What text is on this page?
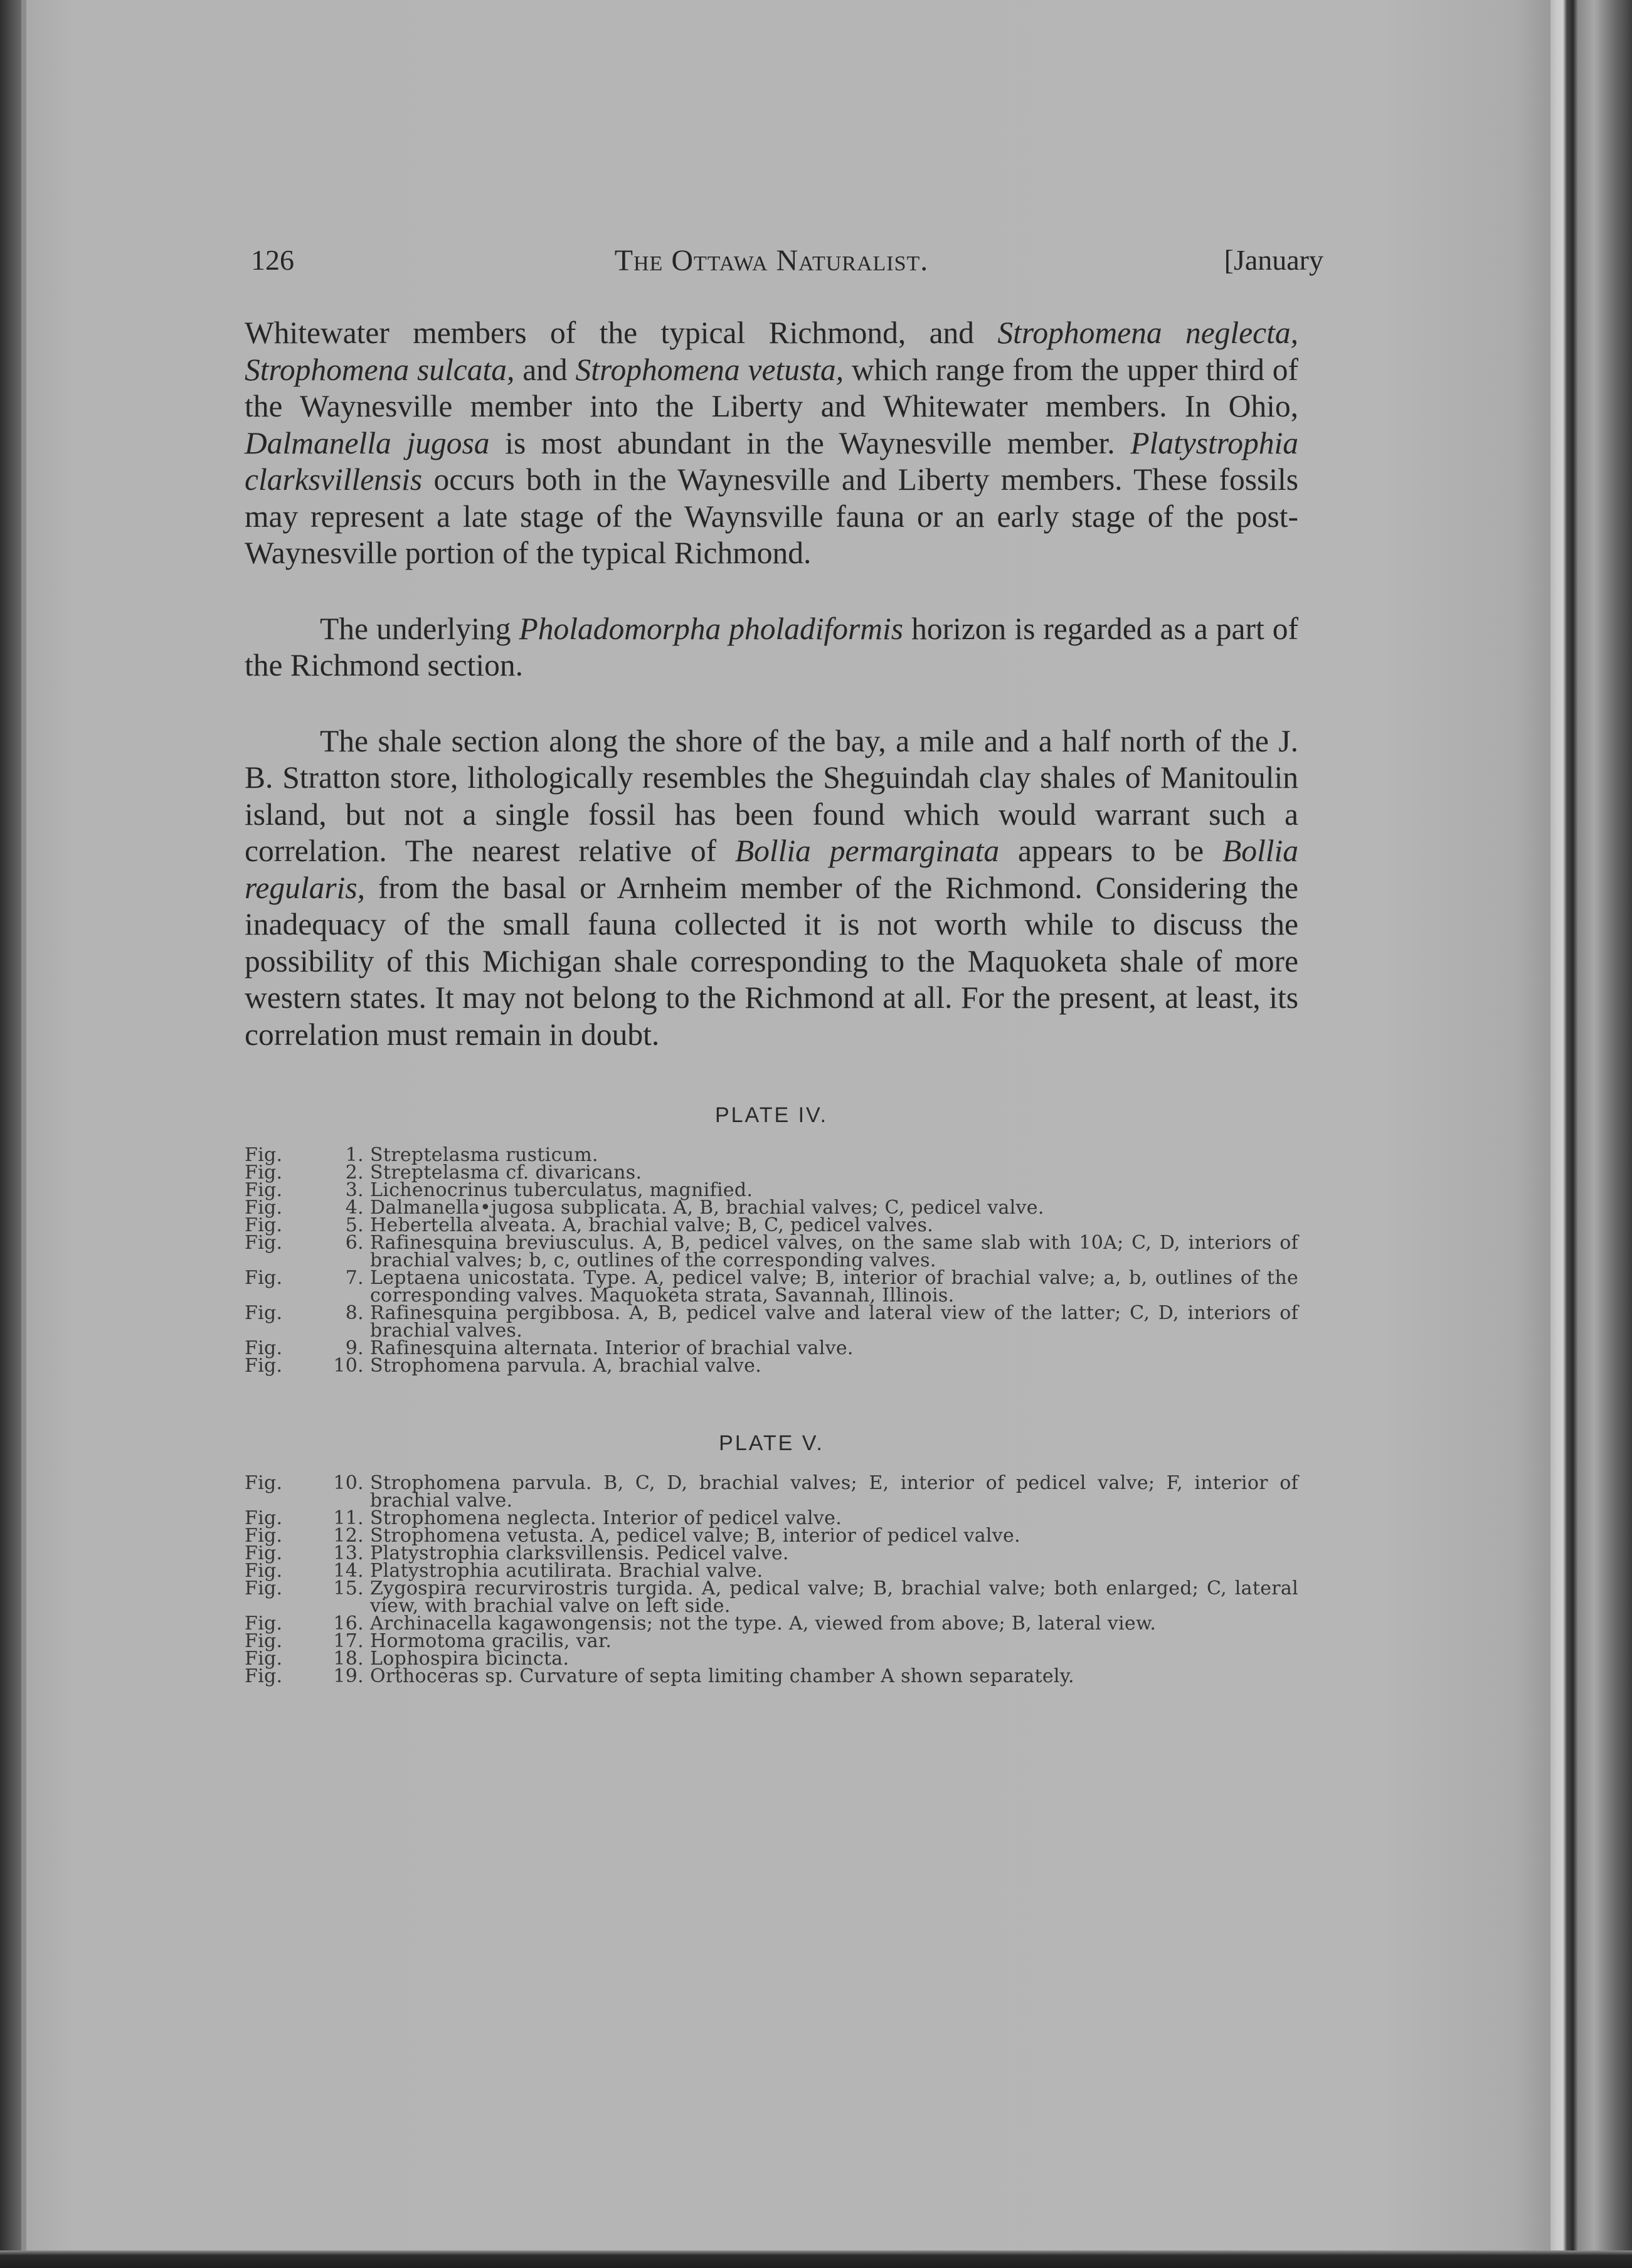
126	The Ottawa Naturalist.	[January

Whitewater members of the typical Richmond, and Strophomena neglecta, Strophomena sulcata, and Strophomena vetusta, which range from the upper third of the Waynesville member into the Liberty and Whitewater members. In Ohio, Dalmanella jugosa is most abundant in the Waynesville member. Platystrophia clarksvillensis occurs both in the Waynesville and Liberty members. These fossils may represent a late stage of the Waynsville fauna or an early stage of the post-Waynesville portion of the typical Richmond.

The underlying Pholadomorpha pholadiformis horizon is regarded as a part of the Richmond section.

The shale section along the shore of the bay, a mile and a half north of the J. B. Stratton store, lithologically resembles the Sheguindah clay shales of Manitoulin island, but not a single fossil has been found which would warrant such a correlation. The nearest relative of Bollia permarginata appears to be Bollia regularis, from the basal or Arnheim member of the Richmond. Considering the inadequacy of the small fauna collected it is not worth while to discuss the possibility of this Michigan shale corresponding to the Maquoketa shale of more western states. It may not belong to the Richmond at all. For the present, at least, its correlation must remain in doubt.

PLATE IV.

Fig.	1. Streptelasma rusticum.
Fig.	2. Streptelasma cf. divaricans.
Fig.	3. Lichenocrinus tuberculatus, magnified.
Fig.	4. Dalmanella•jugosa subplicata. A, B, brachial valves; C, pedicel valve.
Fig.	5. Hebertella alveata. A, brachial valve; B, C, pedicel valves.
Fig.	6. Rafinesquina breviusculus. A, B, pedicel valves, on the same slab with 10A; C, D, interiors of brachial valves; b, c, outlines of the corresponding valves.
Fig.	7. Leptaena unicostata. Type. A, pedicel valve; B, interior of brachial valve; a, b, outlines of the corresponding valves. Maquoketa strata, Savannah, Illinois.
Fig.	8. Rafinesquina pergibbosa. A, B, pedicel valve and lateral view of the latter; C, D, interiors of brachial valves.
Fig.	9. Rafinesquina alternata. Interior of brachial valve.
Fig.	10. Strophomena parvula. A, brachial valve.

PLATE V.

Fig.	10. Strophomena parvula. B, C, D, brachial valves; E, interior of pedicel valve; F, interior of brachial valve.
Fig.	11. Strophomena neglecta. Interior of pedicel valve.
Fig.	12. Strophomena vetusta. A, pedicel valve; B, interior of pedicel valve.
Fig.	13. Platystrophia clarksvillensis. Pedicel valve.
Fig.	14. Platystrophia acutilirata. Brachial valve.
Fig.	15. Zygospira recurvirostris turgida. A, pedical valve; B, brachial valve; both enlarged; C, lateral view, with brachial valve on left side.
Fig.	16. Archinacella kagawongensis; not the type. A, viewed from above; B, lateral view.
Fig.	17. Hormotoma gracilis, var.
Fig.	18. Lophospira bicincta.
Fig.	19. Orthoceras sp. Curvature of septa limiting chamber A shown separately.
